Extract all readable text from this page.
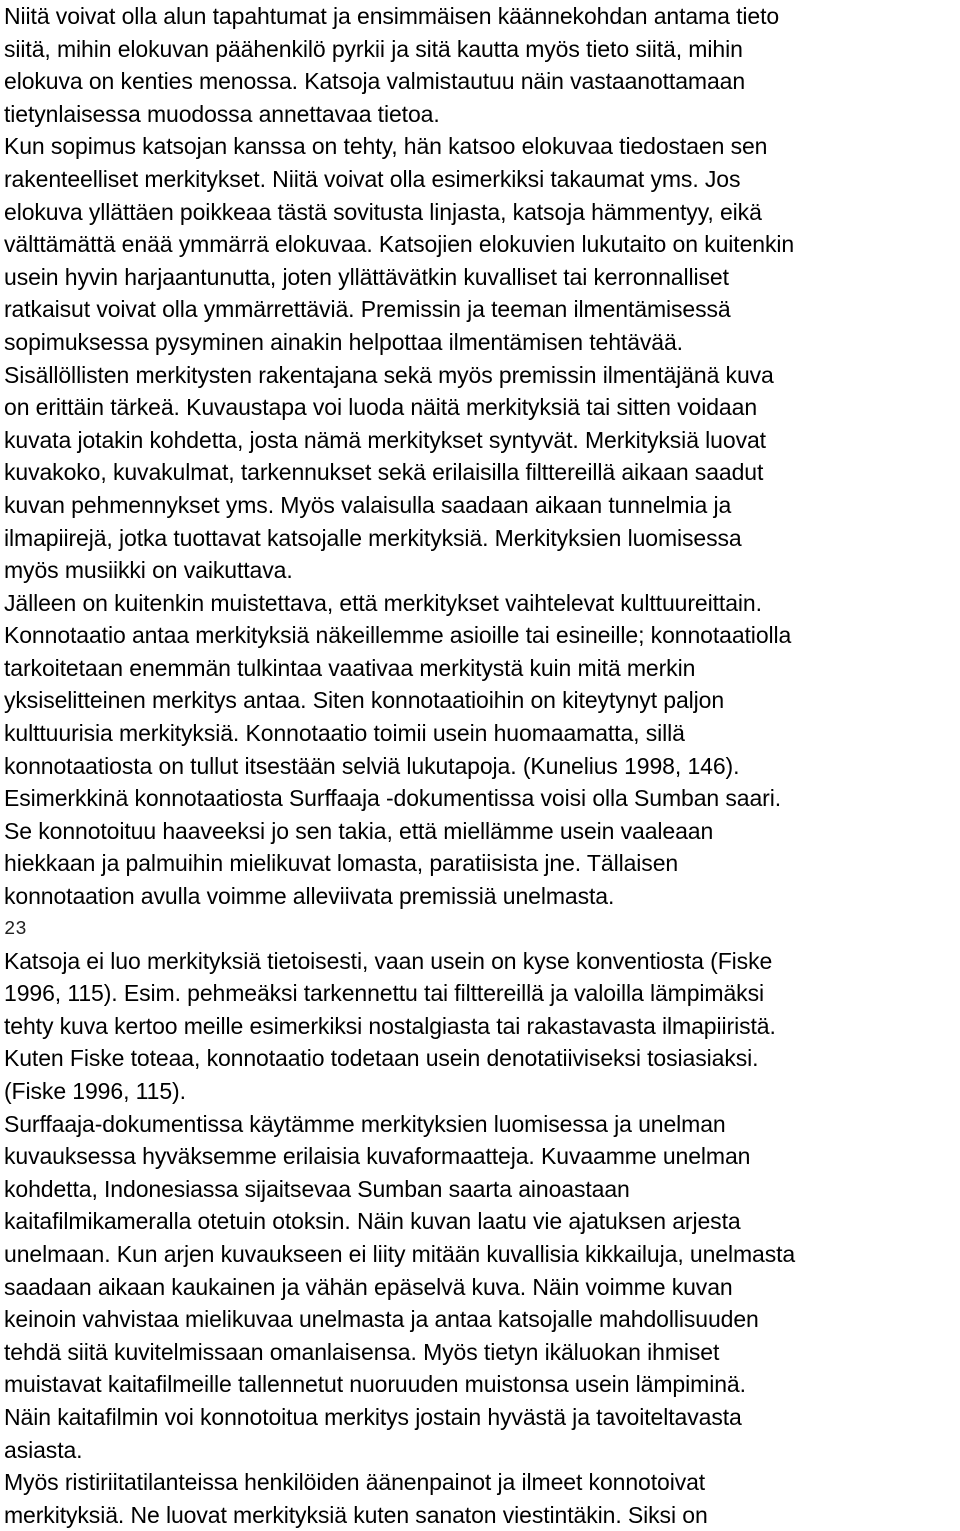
Niitä voivat olla alun tapahtumat ja ensimmäisen käännekohdan antama tieto
siitä, mihin elokuvan päähenkilö pyrkii ja sitä kautta myös tieto siitä, mihin
elokuva on kenties menossa. Katsoja valmistautuu näin vastaanottamaan
tietynlaisessa muodossa annettavaa tietoa.
Kun sopimus katsojan kanssa on tehty, hän katsoo elokuvaa tiedostaen sen
rakenteelliset merkitykset. Niitä voivat olla esimerkiksi takaumat yms. Jos
elokuva yllättäen poikkeaa tästä sovitusta linjasta, katsoja hämmentyy, eikä
välttämättä enää ymmärrä elokuvaa. Katsojien elokuvien lukutaito on kuitenkin
usein hyvin harjaantunutta, joten yllättävätkin kuvalliset tai kerronnalliset
ratkaisut voivat olla ymmärrettäviä. Premissin ja teeman ilmentämisessä
sopimuksessa pysyminen ainakin helpottaa ilmentämisen tehtävää.
Sisällöllisten merkitysten rakentajana sekä myös premissin ilmentäjänä kuva
on erittäin tärkeä. Kuvaustapa voi luoda näitä merkityksiä tai sitten voidaan
kuvata jotakin kohdetta, josta nämä merkitykset syntyvät. Merkityksiä luovat
kuvakoko, kuvakulmat, tarkennukset sekä erilaisilla filttereillä aikaan saadut
kuvan pehmennykset yms. Myös valaisulla saadaan aikaan tunnelmia ja
ilmapiirejä, jotka tuottavat katsojalle merkityksiä. Merkityksien luomisessa
myös musiikki on vaikuttava.
Jälleen on kuitenkin muistettava, että merkitykset vaihtelevat kulttuureittain.
Konnotaatio antaa merkityksiä näkeillemme asioille tai esineille; konnotaatiolla
tarkoitetaan enemmän tulkintaa vaativaa merkitystä kuin mitä merkin
yksiselitteinen merkitys antaa. Siten konnotaatioihin on kiteytynyt paljon
kulttuurisia merkityksiä. Konnotaatio toimii usein huomaamatta, sillä
konnotaatiosta on tullut itsestään selviä lukutapoja. (Kunelius 1998, 146).
Esimerkkinä konnotaatiosta Surffaaja -dokumentissa voisi olla Sumban saari.
Se konnotoituu haaveeksi jo sen takia, että miellämme usein vaaleaan
hiekkaan ja palmuihin mielikuvat lomasta, paratiisista jne. Tällaisen
konnotaation avulla voimme alleviivata premissiä unelmasta.
23
Katsoja ei luo merkityksiä tietoisesti, vaan usein on kyse konventiosta (Fiske
1996, 115). Esim. pehmeäksi tarkennettu tai filttereillä ja valoilla lämpimäksi
tehty kuva kertoo meille esimerkiksi nostalgiasta tai rakastavasta ilmapiiristä.
Kuten Fiske toteaa, konnotaatio todetaan usein denotatiiviseksi tosiasiaksi.
(Fiske 1996, 115).
Surffaaja-dokumentissa käytämme merkityksien luomisessa ja unelman
kuvauksessa hyväksemme erilaisia kuvaformaatteja. Kuvaamme unelman
kohdetta, Indonesiassa sijaitsevaa Sumban saarta ainoastaan
kaitafilmikameralla otetuin otoksin. Näin kuvan laatu vie ajatuksen arjesta
unelmaan. Kun arjen kuvaukseen ei liity mitään kuvallisia kikkailuja, unelmasta
saadaan aikaan kaukainen ja vähän epäselvä kuva. Näin voimme kuvan
keinoin vahvistaa mielikuvaa unelmasta ja antaa katsojalle mahdollisuuden
tehdä siitä kuvitelmissaan omanlaisensa. Myös tietyn ikäluokan ihmiset
muistavat kaitafilmeille tallennetut nuoruuden muistonsa usein lämpiminä.
Näin kaitafilmin voi konnotoitua merkitys jostain hyvästä ja tavoiteltavasta
asiasta.
Myös ristiriitatilanteissa henkilöiden äänenpainot ja ilmeet konnotoivat
merkityksiä. Ne luovat merkityksiä kuten sanaton viestintäkin. Siksi on
